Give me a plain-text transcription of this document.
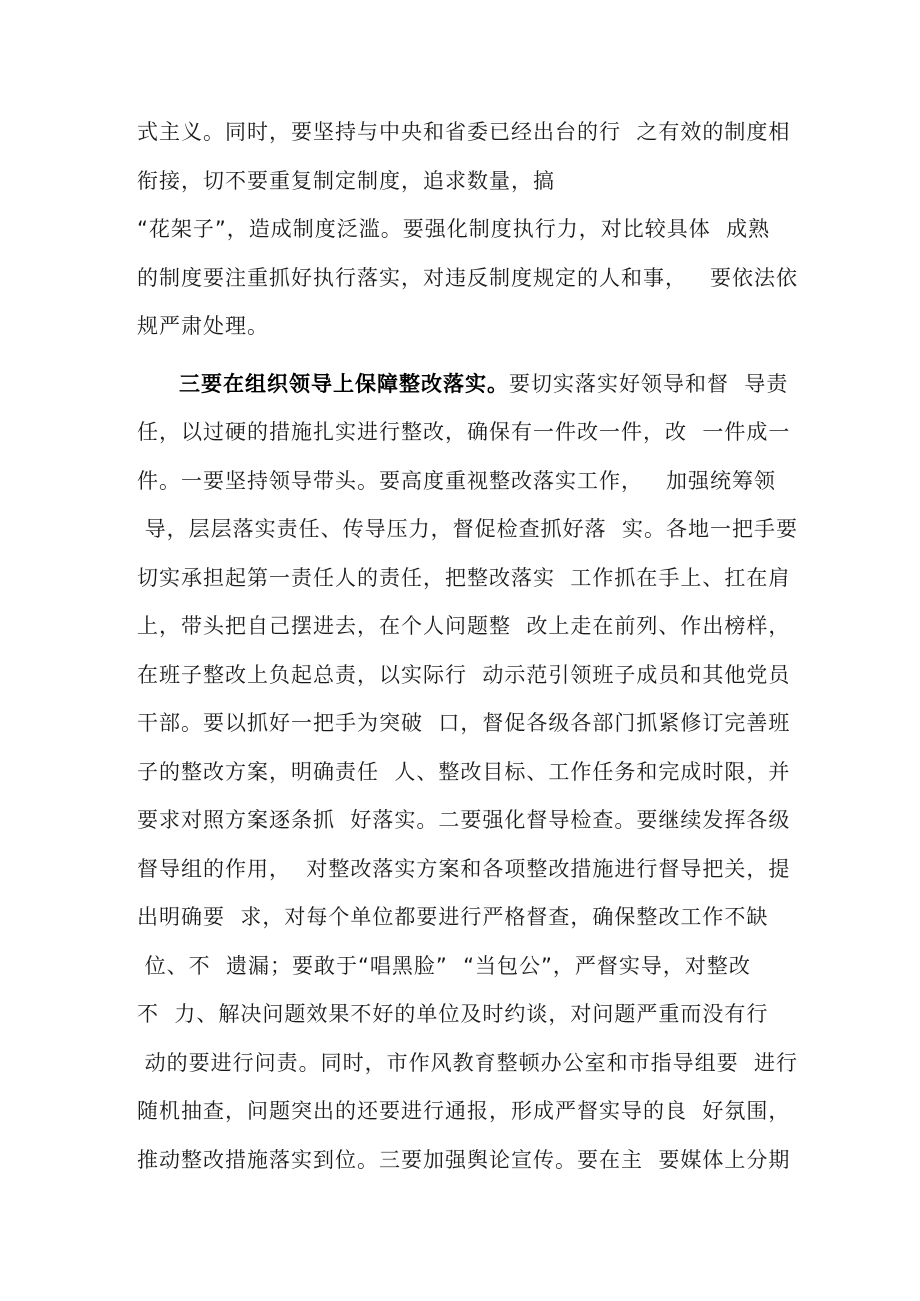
式主义。同时，要坚持与中央和省委已经出台的行  之有效的制度相
衔接，切不要重复制定制度，追求数量，搞
“花架子”，造成制度泛滥。要强化制度执行力，对比较具体  成熟
的制度要注重抓好执行落实，对违反制度规定的人和事，   要依法依
规严肃处理。
三要在组织领导上保障整改落实。要切实落实好领导和督  导责
任，以过硬的措施扎实进行整改，确保有一件改一件，改  一件成一
件。一要坚持领导带头。要高度重视整改落实工作，   加强统筹领
导，层层落实责任、传导压力，督促检查抓好落  实。各地一把手要
切实承担起第一责任人的责任，把整改落实  工作抓在手上、扛在肩
上，带头把自己摆进去，在个人问题整  改上走在前列、作出榜样，
在班子整改上负起总责，以实际行  动示范引领班子成员和其他党员
干部。要以抓好一把手为突破  口，督促各级各部门抓紧修订完善班
子的整改方案，明确责任  人、整改目标、工作任务和完成时限，并
要求对照方案逐条抓  好落实。二要强化督导检查。要继续发挥各级
督导组的作用，  对整改落实方案和各项整改措施进行督导把关，提
出明确要  求，对每个单位都要进行严格督查，确保整改工作不缺
位、不  遗漏；要敢于“唱黑脸”  “当包公”，严督实导，对整改
不  力、解决问题效果不好的单位及时约谈，对问题严重而没有行
动的要进行问责。同时，市作风教育整顿办公室和市指导组要  进行
随机抽查，问题突出的还要进行通报，形成严督实导的良  好氛围，
推动整改措施落实到位。三要加强舆论宣传。要在主  要媒体上分期
